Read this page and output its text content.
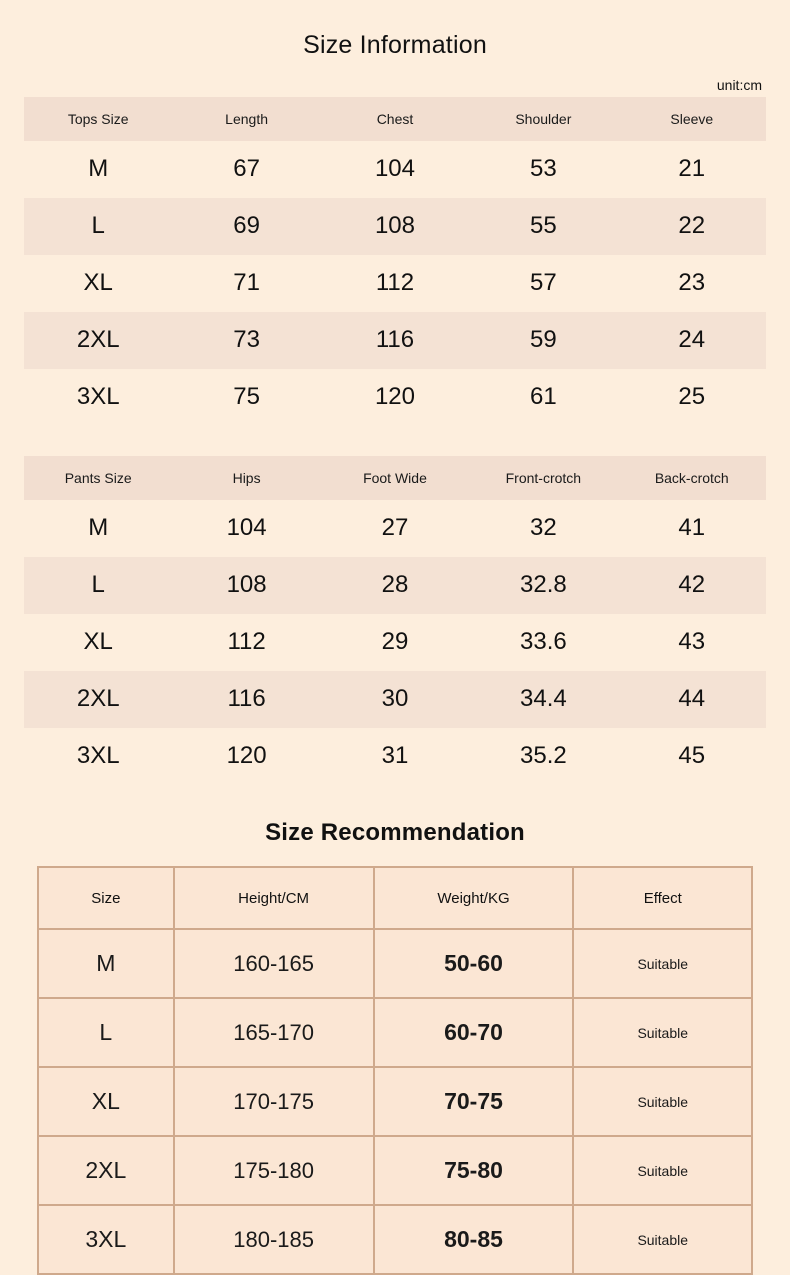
Size Information
unit:cm
Tops Size	Length	Chest	Shoulder	Sleeve
M	67	104	53	21
L	69	108	55	22
XL	71	112	57	23
2XL	73	116	59	24
3XL	75	120	61	25
Pants Size	Hips	Foot Wide	Front-crotch	Back-crotch
M	104	27	32	41
L	108	28	32.8	42
XL	112	29	33.6	43
2XL	116	30	34.4	44
3XL	120	31	35.2	45
Size Recommendation
Size	Height/CM	Weight/KG	Effect
M	160-165	50-60	Suitable
L	165-170	60-70	Suitable
XL	170-175	70-75	Suitable
2XL	175-180	75-80	Suitable
3XL	180-185	80-85	Suitable
